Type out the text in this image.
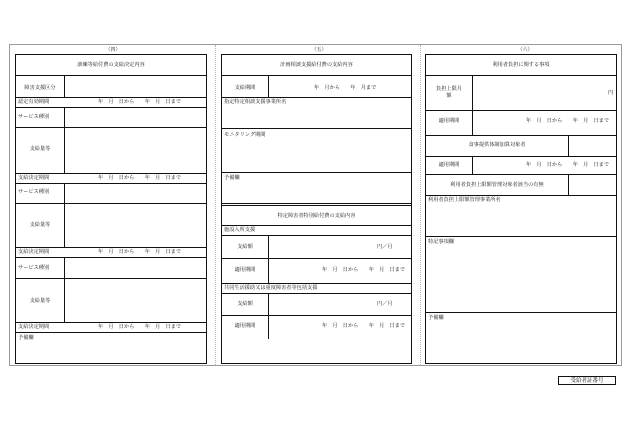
（四）	（五）	（六）
訓練等給付費の支給決定内容
障害支援区分
認定有効期間	年　月　日から　　年　月　日まで
サービス種別
支給量等
支給決定期間	年　月　日から　　年　月　日まで
サービス種別
支給量等
支給決定期間	年　月　日から　　年　月　日まで
サービス種別
支給量等
支給決定期間	年　月　日から　　年　月　日まで
予備欄
計画相談支援給付費の支給内容
支給期間	年　月から　　年　月まで
指定特定相談支援事業所名
モニタリング期間
予備欄
特定障害者特別給付費の支給内容
施設入所支援
支給額	円／月
適用期間	年　月　日から　　年　月　日まで
共同生活援助又は重度障害者等包括支援
支給額	円／月
適用期間	年　月　日から　　年　月　日まで
利用者負担に関する事項
負担上限月額	円
適用期間	年　月　日から　　年　月　日まで
食事提供体制加算対象者
適用期間	年　月　日から　　年　月　日まで
利用者負担上限額管理対象者該当の有無
利用者負担上限額管理事業所名
特記事項欄
予備欄
受給者証番号
